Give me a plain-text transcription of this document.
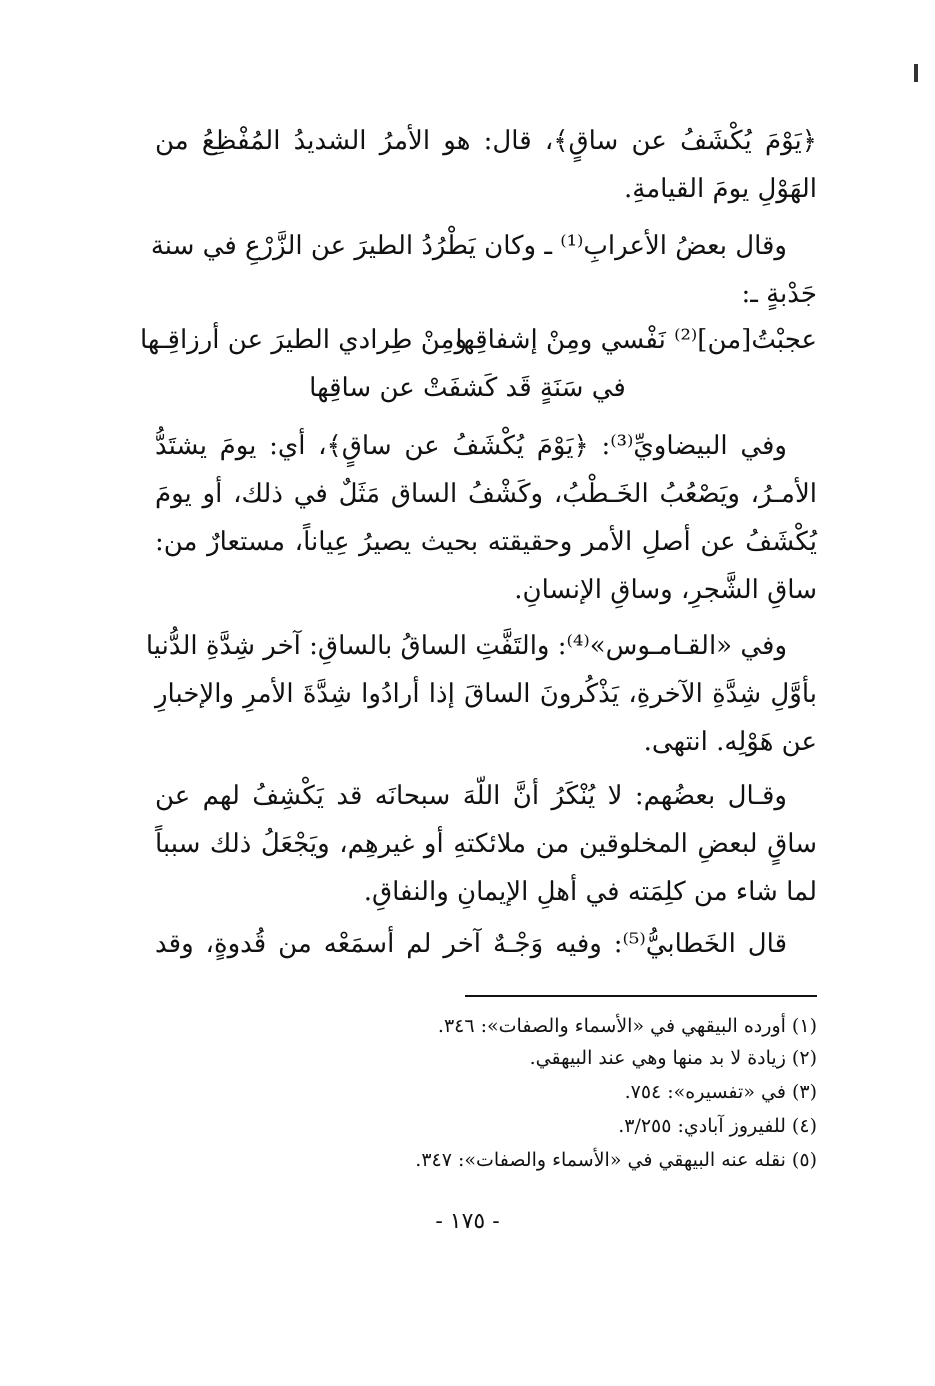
﴿يَوْمَ يُكْشَفُ عن ساقٍ﴾، قال: هو الأمرُ الشديدُ المُفْظِعُ من
الهَوْلِ يومَ القيامةِ.
وقال بعضُ الأعرابِ⁽¹⁾ ـ وكان يَطْرُدُ الطيرَ عن الزَّرْعِ في سنة
جَدْبةٍ ـ:
عجبْتُ[من]⁽²⁾ نَفْسي ومِنْ إشفاقِها
ومِنْ طِرادي الطيرَ عن أرزاقِـها
في سَنَةٍ قَد كَشفَتْ عن ساقِها
وفي البيضاويِّ⁽³⁾: ﴿يَوْمَ يُكْشَفُ عن ساقٍ﴾، أي: يومَ يشتَدُّ
الأمـرُ، ويَصْعُبُ الخَـطْبُ، وكَشْفُ الساق مَثَلٌ في ذلك، أو يومَ
يُكْشَفُ عن أصلِ الأمر وحقيقته بحيث يصيرُ عِياناً، مستعارٌ من:
ساقِ الشَّجرِ، وساقِ الإنسانِ.
وفي «القـامـوس»⁽⁴⁾: والتَفَّتِ الساقُ بالساقِ: آخر شِدَّةِ الدُّنيا
بأوَّلِ شِدَّةِ الآخرةِ، يَذْكُرونَ الساقَ إذا أرادُوا شِدَّةَ الأمرِ والإخبارِ
عن هَوْلِه. انتهى.
وقـال بعضُهم: لا يُنْكَرُ أنَّ اللّهَ سبحانَه قد يَكْشِفُ لهم عن
ساقٍ لبعضِ المخلوقين من ملائكتهِ أو غيرهِم، ويَجْعَلُ ذلك سبباً
لما شاء من كلِمَته في أهلِ الإيمانِ والنفاقِ.
قال الخَطابيُّ⁽⁵⁾: وفيه وَجْـهٌ آخر لم أسمَعْه من قُدوةٍ، وقد
(١) أورده البيقهي في «الأسماء والصفات»: ٣٤٦.
(٢) زيادة لا بد منها وهي عند البيهقي.
(٣) في «تفسيره»: ٧٥٤.
(٤) للفيروز آبادي: ٣/٢٥٥.
(٥) نقله عنه البيهقي في «الأسماء والصفات»: ٣٤٧.
- ١٧٥ -
